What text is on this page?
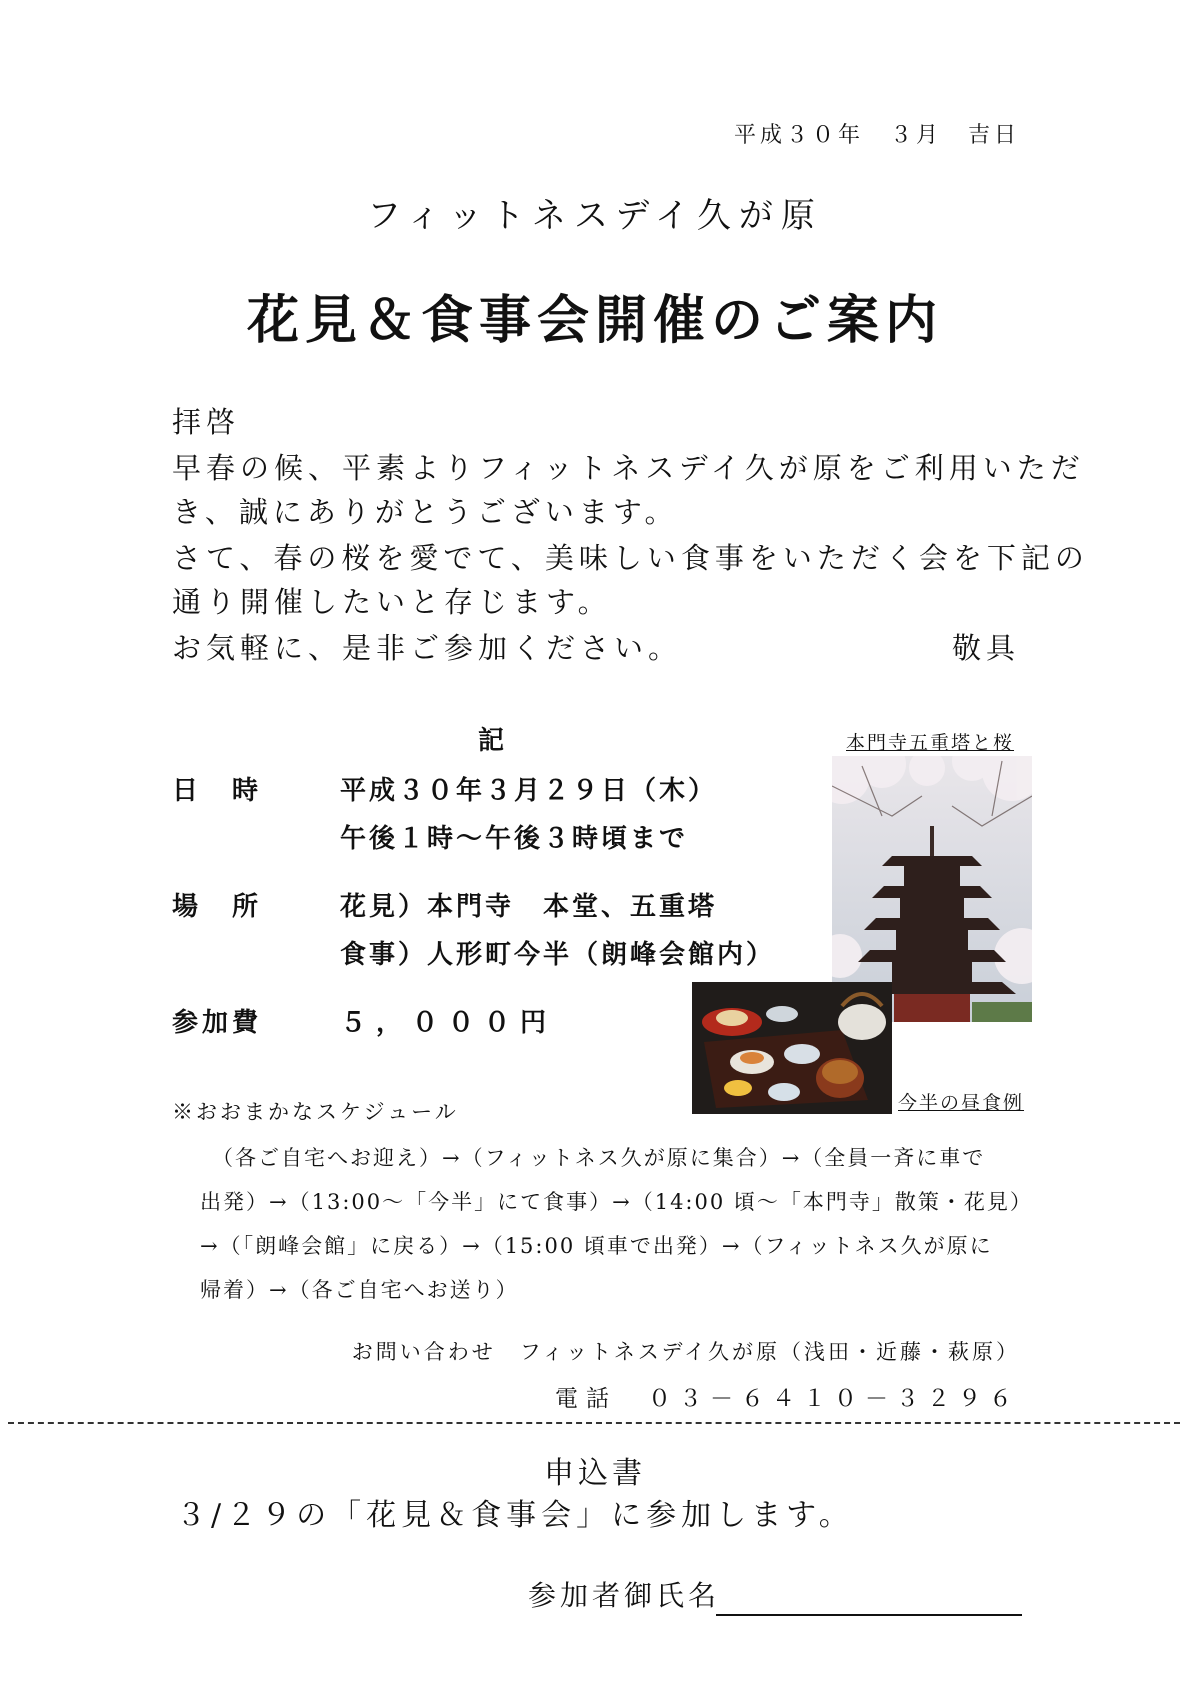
平成３０年　３月　吉日
フィットネスデイ久が原
花見＆食事会開催のご案内
拝啓
早春の候、平素よりフィットネスデイ久が原をご利用いただ
き、誠にありがとうございます。
さて、春の桜を愛でて、美味しい食事をいただく会を下記の
通り開催したいと存じます。
お気軽に、是非ご参加ください。	敬具
記
日　時	平成３０年３月２９日（木）
午後１時～午後３時頃まで
場　所	花見）本門寺　本堂、五重塔
食事）人形町今半（朗峰会館内）
参加費	５，０００円
本門寺五重塔と桜
今半の昼食例
※おおまかなスケジュール
（各ご自宅へお迎え）→（フィットネス久が原に集合）→（全員一斉に車で
出発）→（13:00～「今半」にて食事）→（14:00 頃～「本門寺」散策・花見）
→（「朗峰会館」に戻る）→（15:00 頃車で出発）→（フィットネス久が原に
帰着）→（各ご自宅へお送り）
お問い合わせ　フィットネスデイ久が原（浅田・近藤・萩原）
電話　０３－６４１０－３２９６
申込書
３/２９の「花見＆食事会」に参加します。
参加者御氏名
